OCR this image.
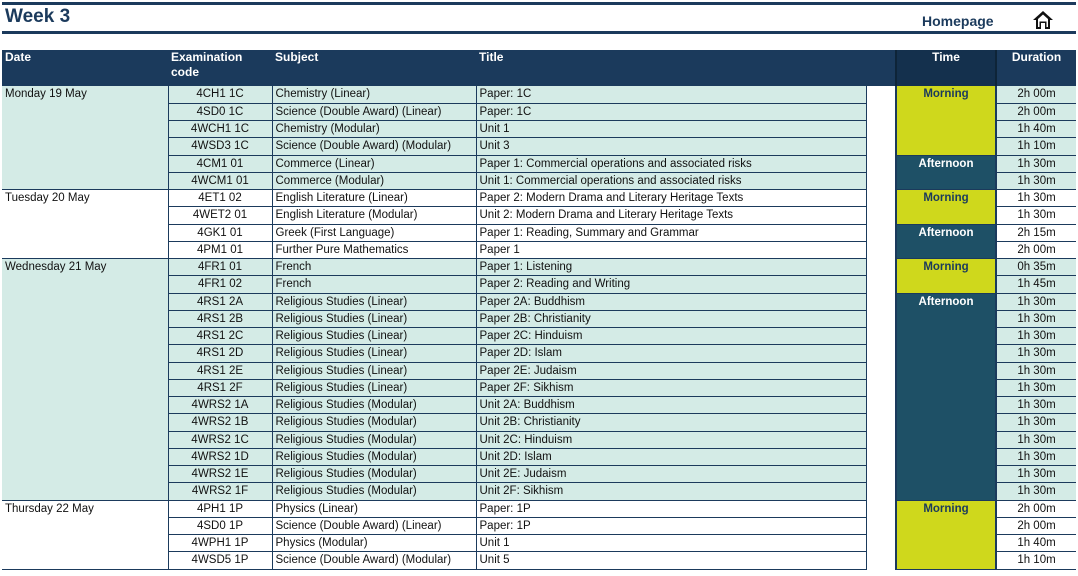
Week 3	Homepage
Date	Examination code	Subject	Title		Time	Duration
Monday 19 May	4CH1 1C	Chemistry (Linear)	Paper: 1C		Morning	2h 00m
	4SD0 1C	Science (Double Award) (Linear)	Paper: 1C			2h 00m
	4WCH1 1C	Chemistry (Modular)	Unit 1			1h 40m
	4WSD3 1C	Science (Double Award) (Modular)	Unit 3			1h 10m
	4CM1 01	Commerce (Linear)	Paper 1: Commercial operations and associated risks		Afternoon	1h 30m
	4WCM1 01	Commerce (Modular)	Unit 1: Commercial operations and associated risks			1h 30m
Tuesday 20 May	4ET1 02	English Literature (Linear)	Paper 2: Modern Drama and Literary Heritage Texts		Morning	1h 30m
	4WET2 01	English Literature (Modular)	Unit 2: Modern Drama and Literary Heritage Texts			1h 30m
	4GK1 01	Greek (First Language)	Paper 1: Reading, Summary and Grammar		Afternoon	2h 15m
	4PM1 01	Further Pure Mathematics	Paper 1			2h 00m
Wednesday 21 May	4FR1 01	French	Paper 1: Listening		Morning	0h 35m
	4FR1 02	French	Paper 2: Reading and Writing			1h 45m
	4RS1 2A	Religious Studies (Linear)	Paper 2A: Buddhism		Afternoon	1h 30m
	4RS1 2B	Religious Studies (Linear)	Paper 2B: Christianity			1h 30m
	4RS1 2C	Religious Studies (Linear)	Paper 2C: Hinduism			1h 30m
	4RS1 2D	Religious Studies (Linear)	Paper 2D: Islam			1h 30m
	4RS1 2E	Religious Studies (Linear)	Paper 2E: Judaism			1h 30m
	4RS1 2F	Religious Studies (Linear)	Paper 2F: Sikhism			1h 30m
	4WRS2 1A	Religious Studies (Modular)	Unit 2A: Buddhism			1h 30m
	4WRS2 1B	Religious Studies (Modular)	Unit 2B: Christianity			1h 30m
	4WRS2 1C	Religious Studies (Modular)	Unit 2C: Hinduism			1h 30m
	4WRS2 1D	Religious Studies (Modular)	Unit 2D: Islam			1h 30m
	4WRS2 1E	Religious Studies (Modular)	Unit 2E: Judaism			1h 30m
	4WRS2 1F	Religious Studies (Modular)	Unit 2F: Sikhism			1h 30m
Thursday 22 May	4PH1 1P	Physics (Linear)	Paper: 1P		Morning	2h 00m
	4SD0 1P	Science (Double Award) (Linear)	Paper: 1P			2h 00m
	4WPH1 1P	Physics (Modular)	Unit 1			1h 40m
	4WSD5 1P	Science (Double Award) (Modular)	Unit 5			1h 10m
